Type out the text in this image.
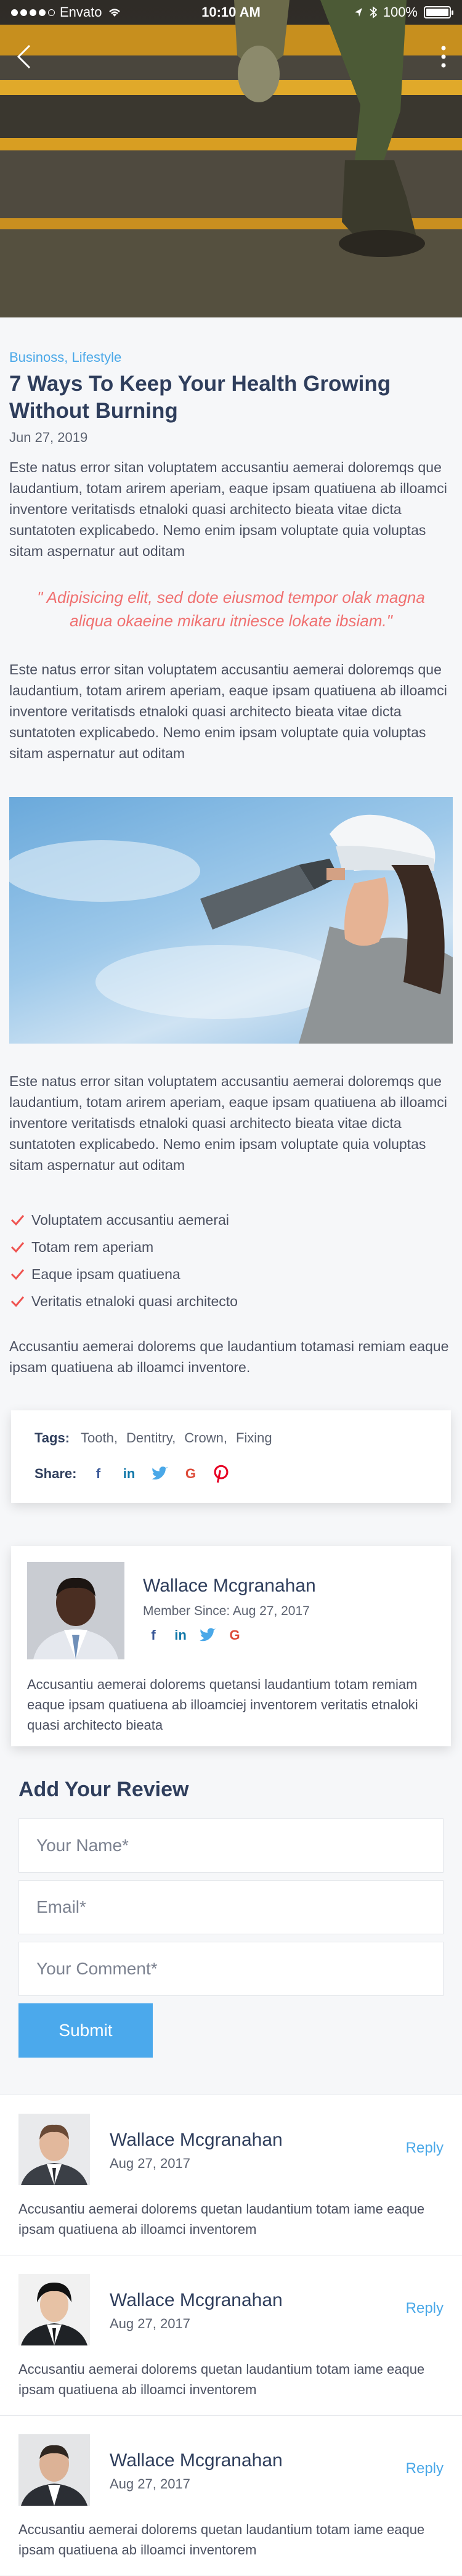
Envato	10:10 AM	100%
Businoss, Lifestyle
7 Ways To Keep Your Health Growing Without Burning
Jun 27, 2019

Este natus error sitan voluptatem accusantiu aemerai doloremqs que laudantium, totam arirem aperiam, eaque ipsam quatiuena ab illoamci inventore veritatisds etnaloki quasi architecto bieata vitae dicta suntatoten explicabedo. Nemo enim ipsam voluptate quia voluptas sitam aspernatur aut oditam

" Adipisicing elit, sed dote eiusmod tempor olak magna aliqua okaeine mikaru itniesce lokate ibsiam."

Este natus error sitan voluptatem accusantiu aemerai doloremqs que laudantium, totam arirem aperiam, eaque ipsam quatiuena ab illoamci inventore veritatisds etnaloki quasi architecto bieata vitae dicta suntatoten explicabedo. Nemo enim ipsam voluptate quia voluptas sitam aspernatur aut oditam

Este natus error sitan voluptatem accusantiu aemerai doloremqs que laudantium, totam arirem aperiam, eaque ipsam quatiuena ab illoamci inventore veritatisds etnaloki quasi architecto bieata vitae dicta suntatoten explicabedo. Nemo enim ipsam voluptate quia voluptas sitam aspernatur aut oditam

Voluptatem accusantiu aemerai
Totam rem aperiam
Eaque ipsam quatiuena
Veritatis etnaloki quasi architecto

Accusantiu aemerai dolorems que laudantium totamasi remiam eaque ipsam quatiuena ab illoamci inventore.

Tags: Tooth, Dentitry, Crown, Fixing
Share:	f	in	G
Wallace Mcgranahan
Member Since: Aug 27, 2017
f	in	G

Accusantiu aemerai dolorems quetansi laudantium totam remiam eaque ipsam quatiuena ab illoamciej inventorem veritatis etnaloki quasi architecto bieata

Add Your Review
Your Name*
Email*
Your Comment*
Submit
Wallace Mcgranahan
Aug 27, 2017
Reply

Accusantiu aemerai dolorems quetan laudantium totam iame eaque ipsam quatiuena ab illoamci inventorem

Wallace Mcgranahan
Aug 27, 2017
Reply

Accusantiu aemerai dolorems quetan laudantium totam iame eaque ipsam quatiuena ab illoamci inventorem

Wallace Mcgranahan
Aug 27, 2017
Reply

Accusantiu aemerai dolorems quetan laudantium totam iame eaque ipsam quatiuena ab illoamci inventorem
